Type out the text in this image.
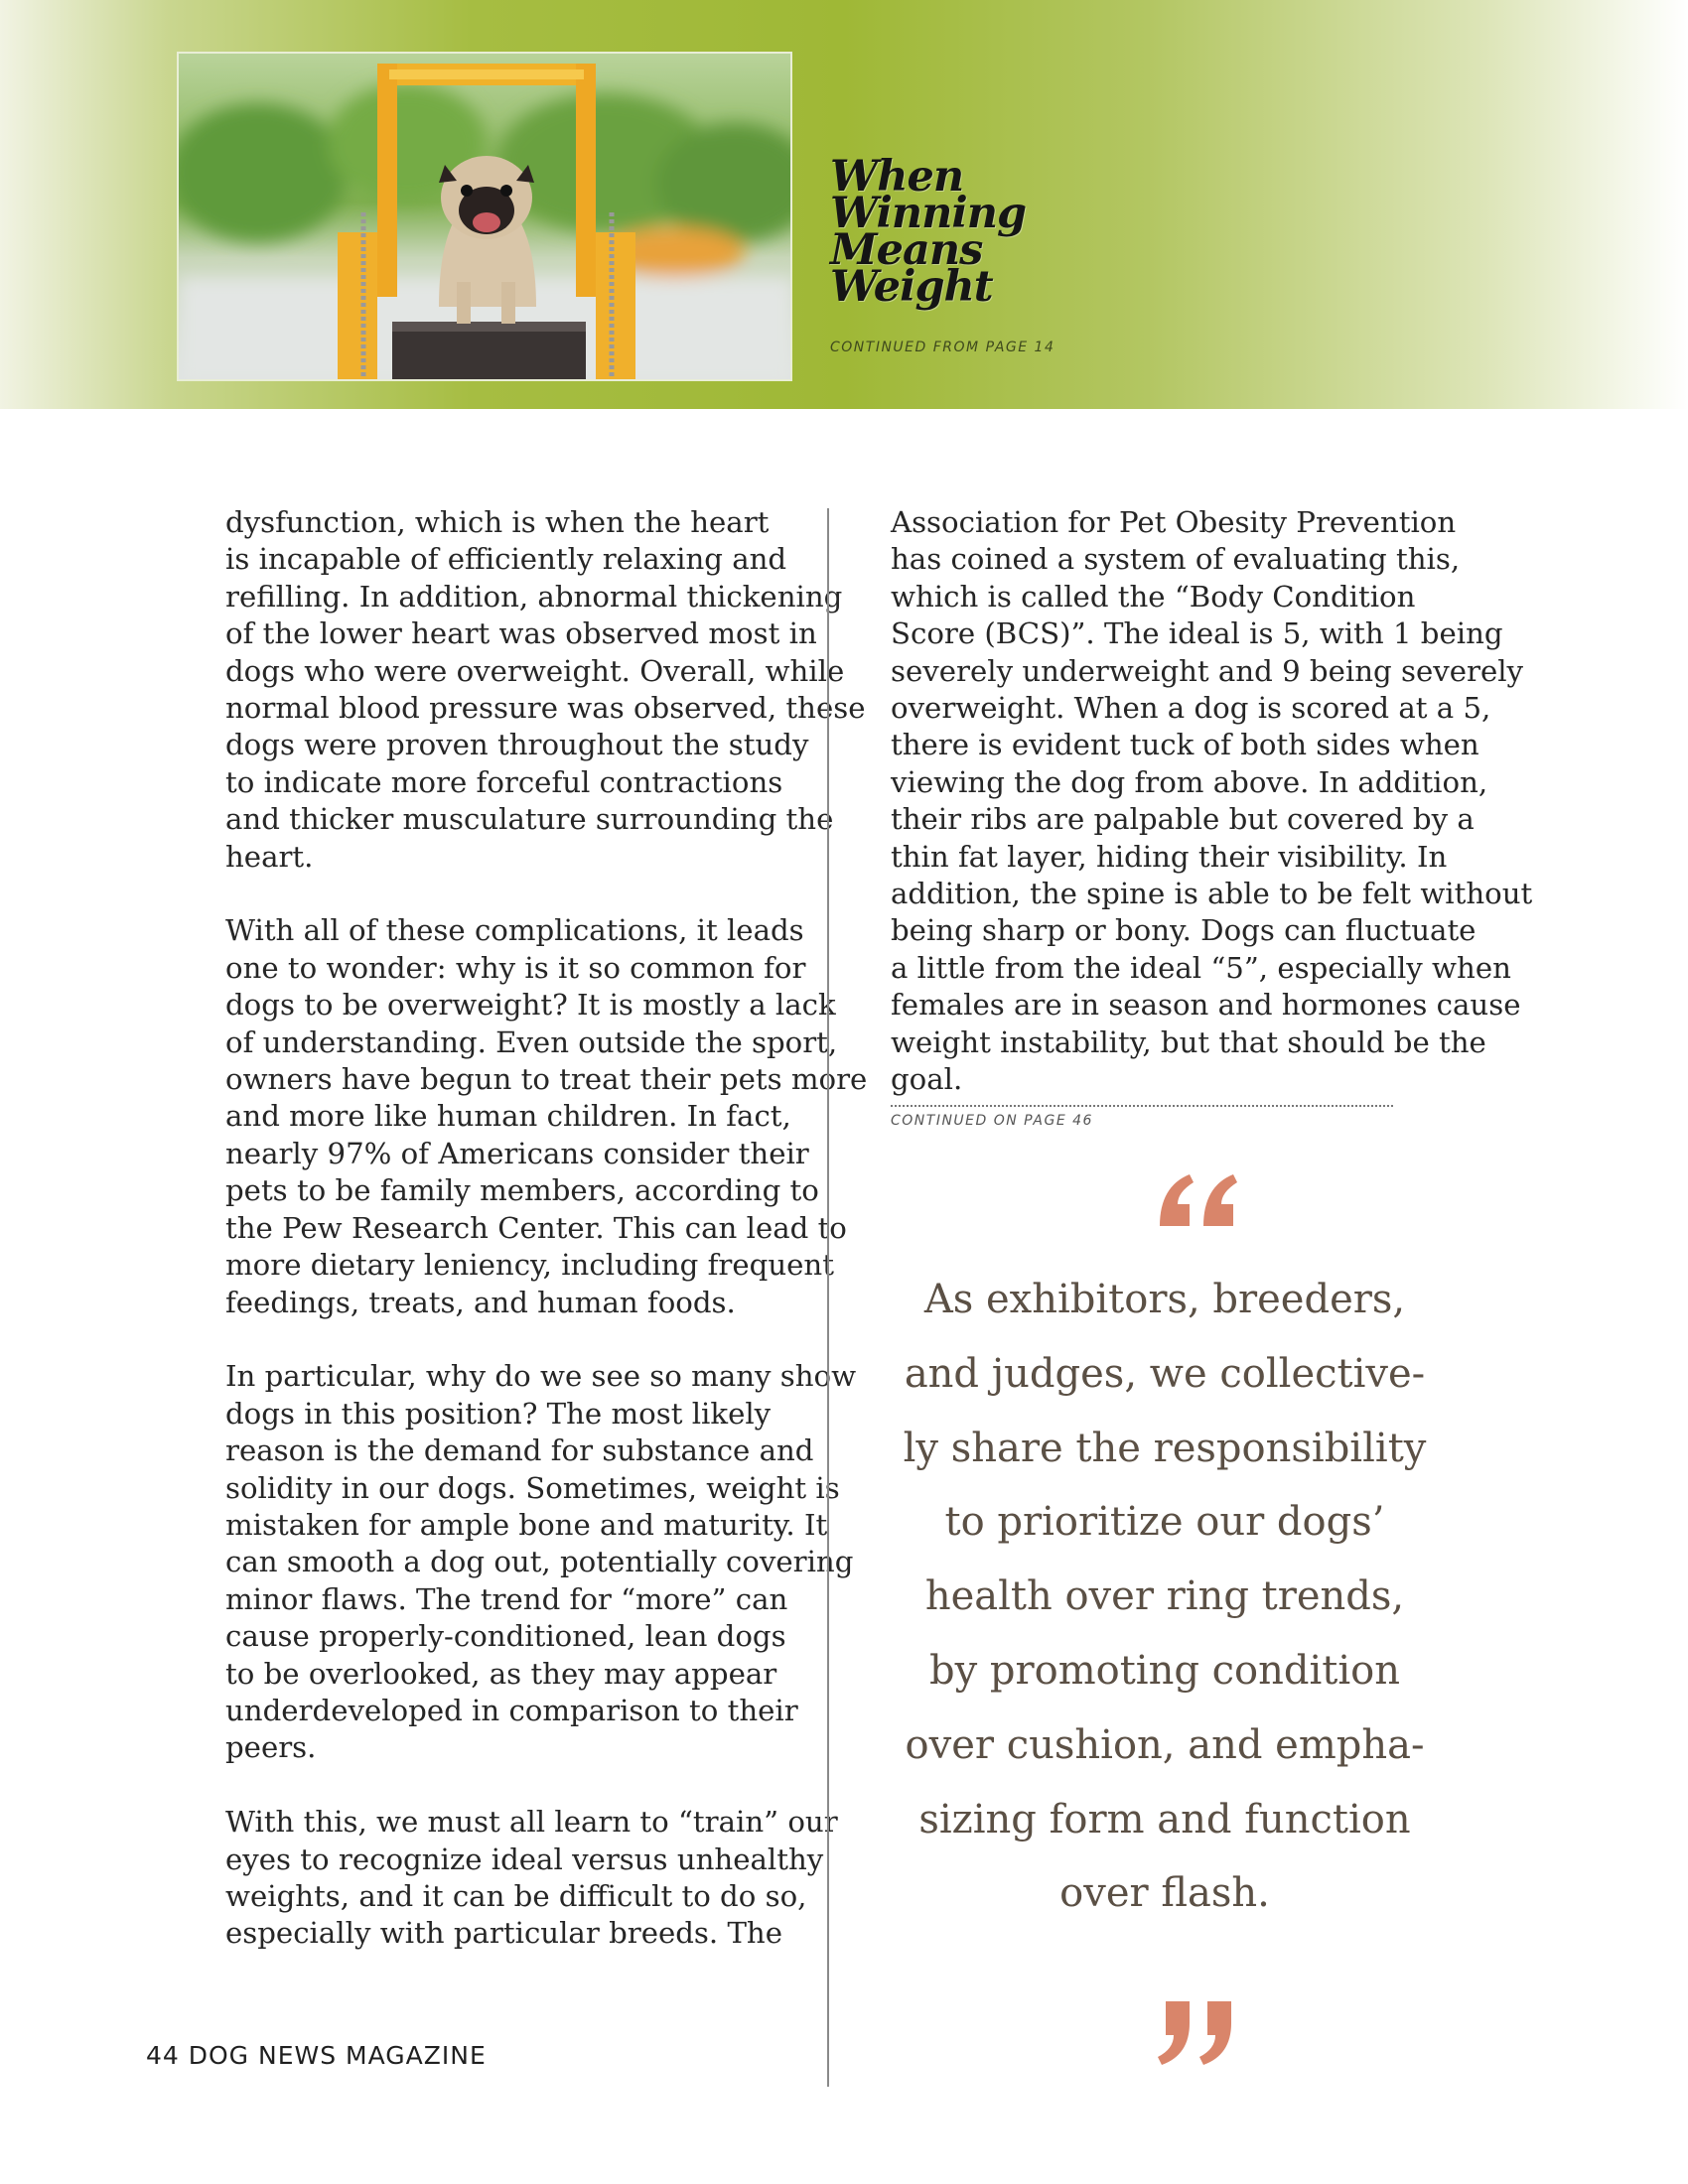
When
Winning
Means
Weight
CONTINUED FROM PAGE 14

dysfunction, which is when the heart
is incapable of efficiently relaxing and
refilling. In addition, abnormal thickening
of the lower heart was observed most in
dogs who were overweight. Overall, while
normal blood pressure was observed, these
dogs were proven throughout the study
to indicate more forceful contractions
and thicker musculature surrounding the
heart.

With all of these complications, it leads
one to wonder: why is it so common for
dogs to be overweight? It is mostly a lack
of understanding. Even outside the sport,
owners have begun to treat their pets more
and more like human children. In fact,
nearly 97% of Americans consider their
pets to be family members, according to
the Pew Research Center. This can lead to
more dietary leniency, including frequent
feedings, treats, and human foods.

In particular, why do we see so many show
dogs in this position? The most likely
reason is the demand for substance and
solidity in our dogs. Sometimes, weight is
mistaken for ample bone and maturity. It
can smooth a dog out, potentially covering
minor flaws. The trend for “more” can
cause properly-conditioned, lean dogs
to be overlooked, as they may appear
underdeveloped in comparison to their
peers.

With this, we must all learn to “train” our
eyes to recognize ideal versus unhealthy
weights, and it can be difficult to do so,
especially with particular breeds. The

Association for Pet Obesity Prevention
has coined a system of evaluating this,
which is called the “Body Condition
Score (BCS)”. The ideal is 5, with 1 being
severely underweight and 9 being severely
overweight. When a dog is scored at a 5,
there is evident tuck of both sides when
viewing the dog from above. In addition,
their ribs are palpable but covered by a
thin fat layer, hiding their visibility. In
addition, the spine is able to be felt without
being sharp or bony. Dogs can fluctuate
a little from the ideal “5”, especially when
females are in season and hormones cause
weight instability, but that should be the
goal.

CONTINUED ON PAGE 46
As exhibitors, breeders,
and judges, we collective-
ly share the responsibility
to prioritize our dogs’
health over ring trends,
by promoting condition
over cushion, and empha-
sizing form and function
over flash.
44 DOG NEWS MAGAZINE
